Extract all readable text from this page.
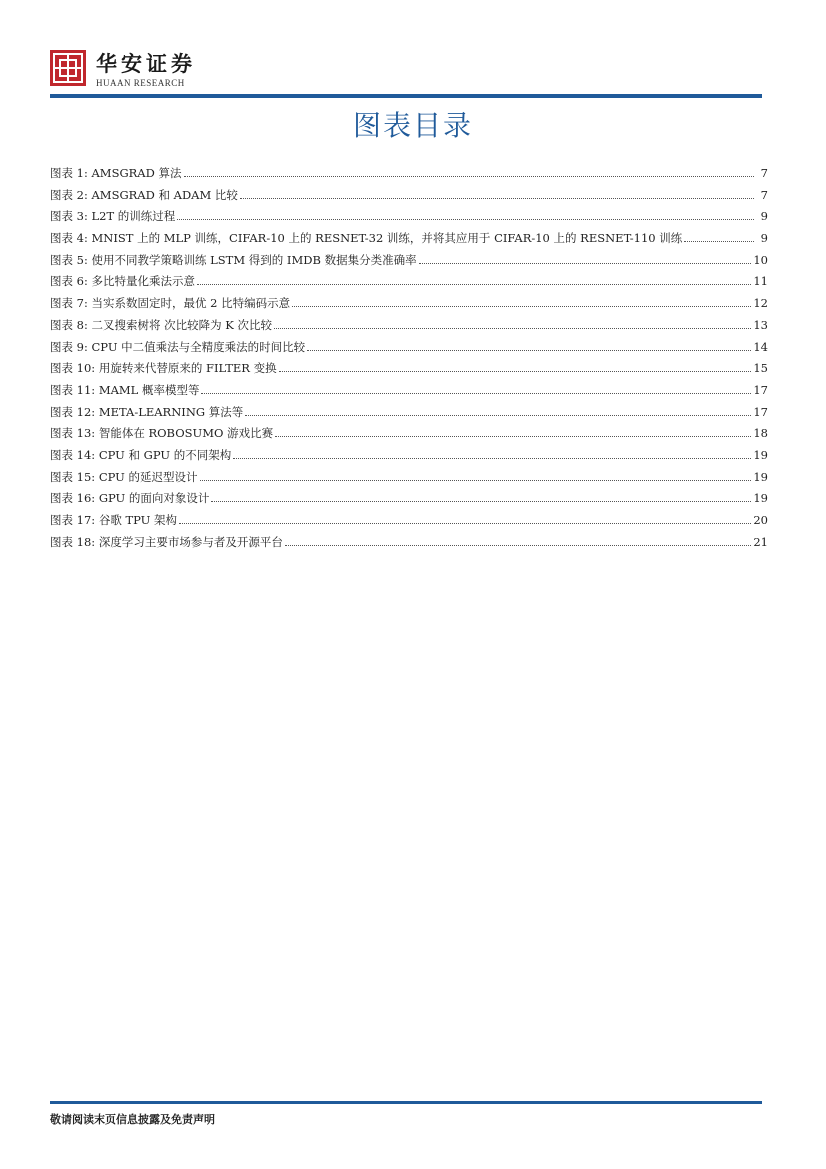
华安证券
HUAAN RESEARCH
图表目录
图表 1: AMSGRAD 算法	7
图表 2: AMSGRAD 和 ADAM 比较	7
图表 3: L2T 的训练过程	9
图表 4: MNIST 上的 MLP 训练，CIFAR-10 上的 RESNET-32 训练，并将其应用于 CIFAR-10 上的 RESNET-110 训练	9
图表 5: 使用不同教学策略训练 LSTM 得到的 IMDB 数据集分类准确率	10
图表 6: 多比特量化乘法示意	11
图表 7: 当实系数固定时，最优 2 比特编码示意	12
图表 8: 二叉搜索树将 次比较降为 K 次比较	13
图表 9: CPU 中二值乘法与全精度乘法的时间比较	14
图表 10: 用旋转来代替原来的 FILTER 变换	15
图表 11: MAML 概率模型等	17
图表 12: META-LEARNING 算法等	17
图表 13: 智能体在 ROBOSUMO 游戏比赛	18
图表 14: CPU 和 GPU 的不同架构	19
图表 15: CPU 的延迟型设计	19
图表 16: GPU 的面向对象设计	19
图表 17: 谷歌 TPU 架构	20
图表 18: 深度学习主要市场参与者及开源平台	21
敬请阅读末页信息披露及免责声明
